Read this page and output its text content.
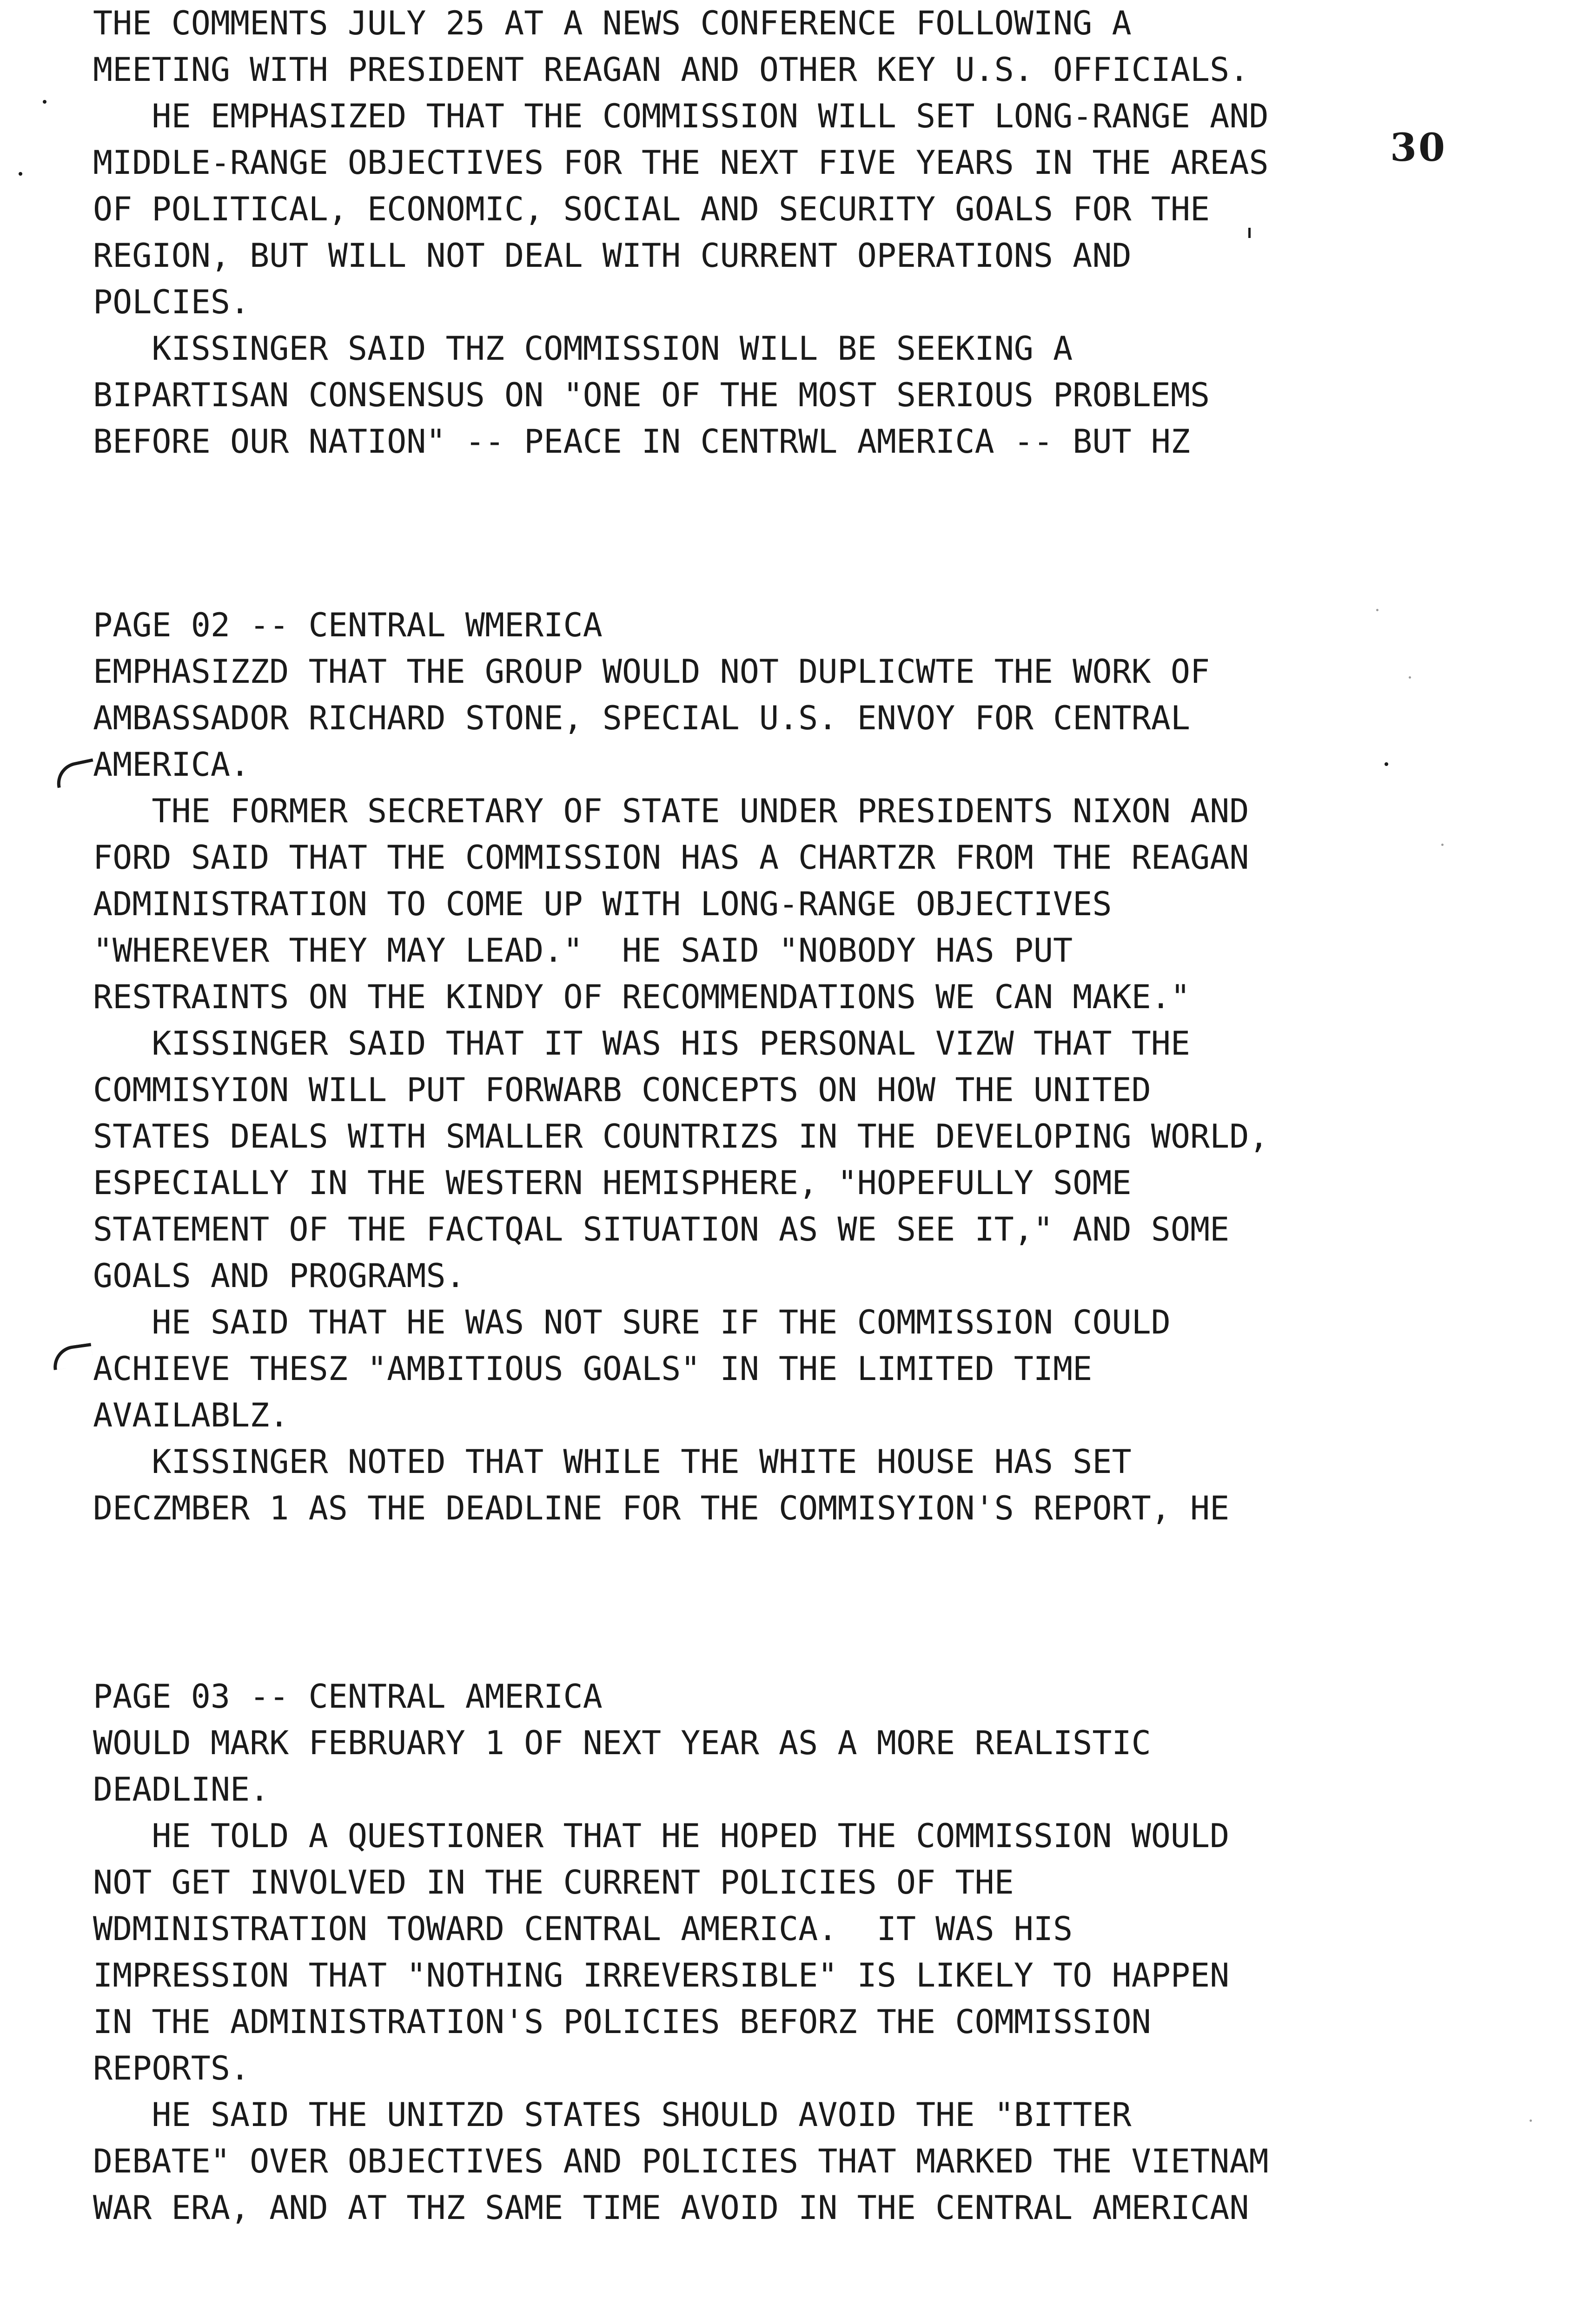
30
THE COMMENTS JULY 25 AT A NEWS CONFERENCE FOLLOWING A
MEETING WITH PRESIDENT REAGAN AND OTHER KEY U.S. OFFICIALS.
HE EMPHASIZED THAT THE COMMISSION WILL SET LONG-RANGE AND
MIDDLE-RANGE OBJECTIVES FOR THE NEXT FIVE YEARS IN THE AREAS
OF POLITICAL, ECONOMIC, SOCIAL AND SECURITY GOALS FOR THE
REGION, BUT WILL NOT DEAL WITH CURRENT OPERATIONS AND
POLCIES.
KISSINGER SAID THZ COMMISSION WILL BE SEEKING A
BIPARTISAN CONSENSUS ON "ONE OF THE MOST SERIOUS PROBLEMS
BEFORE OUR NATION" -- PEACE IN CENTRWL AMERICA -- BUT HZ
PAGE 02 -- CENTRAL WMERICA
EMPHASIZZD THAT THE GROUP WOULD NOT DUPLICWTE THE WORK OF
AMBASSADOR RICHARD STONE, SPECIAL U.S. ENVOY FOR CENTRAL
AMERICA.
THE FORMER SECRETARY OF STATE UNDER PRESIDENTS NIXON AND
FORD SAID THAT THE COMMISSION HAS A CHARTZR FROM THE REAGAN
ADMINISTRATION TO COME UP WITH LONG-RANGE OBJECTIVES
"WHEREVER THEY MAY LEAD."  HE SAID "NOBODY HAS PUT
RESTRAINTS ON THE KINDY OF RECOMMENDATIONS WE CAN MAKE."
KISSINGER SAID THAT IT WAS HIS PERSONAL VIZW THAT THE
COMMISYION WILL PUT FORWARB CONCEPTS ON HOW THE UNITED
STATES DEALS WITH SMALLER COUNTRIZS IN THE DEVELOPING WORLD,
ESPECIALLY IN THE WESTERN HEMISPHERE, "HOPEFULLY SOME
STATEMENT OF THE FACTQAL SITUATION AS WE SEE IT," AND SOME
GOALS AND PROGRAMS.
HE SAID THAT HE WAS NOT SURE IF THE COMMISSION COULD
ACHIEVE THESZ "AMBITIOUS GOALS" IN THE LIMITED TIME
AVAILABLZ.
KISSINGER NOTED THAT WHILE THE WHITE HOUSE HAS SET
DECZMBER 1 AS THE DEADLINE FOR THE COMMISYION'S REPORT, HE
PAGE 03 -- CENTRAL AMERICA
WOULD MARK FEBRUARY 1 OF NEXT YEAR AS A MORE REALISTIC
DEADLINE.
HE TOLD A QUESTIONER THAT HE HOPED THE COMMISSION WOULD
NOT GET INVOLVED IN THE CURRENT POLICIES OF THE
WDMINISTRATION TOWARD CENTRAL AMERICA.  IT WAS HIS
IMPRESSION THAT "NOTHING IRREVERSIBLE" IS LIKELY TO HAPPEN
IN THE ADMINISTRATION'S POLICIES BEFORZ THE COMMISSION
REPORTS.
HE SAID THE UNITZD STATES SHOULD AVOID THE "BITTER
DEBATE" OVER OBJECTIVES AND POLICIES THAT MARKED THE VIETNAM
WAR ERA, AND AT THZ SAME TIME AVOID IN THE CENTRAL AMERICAN
